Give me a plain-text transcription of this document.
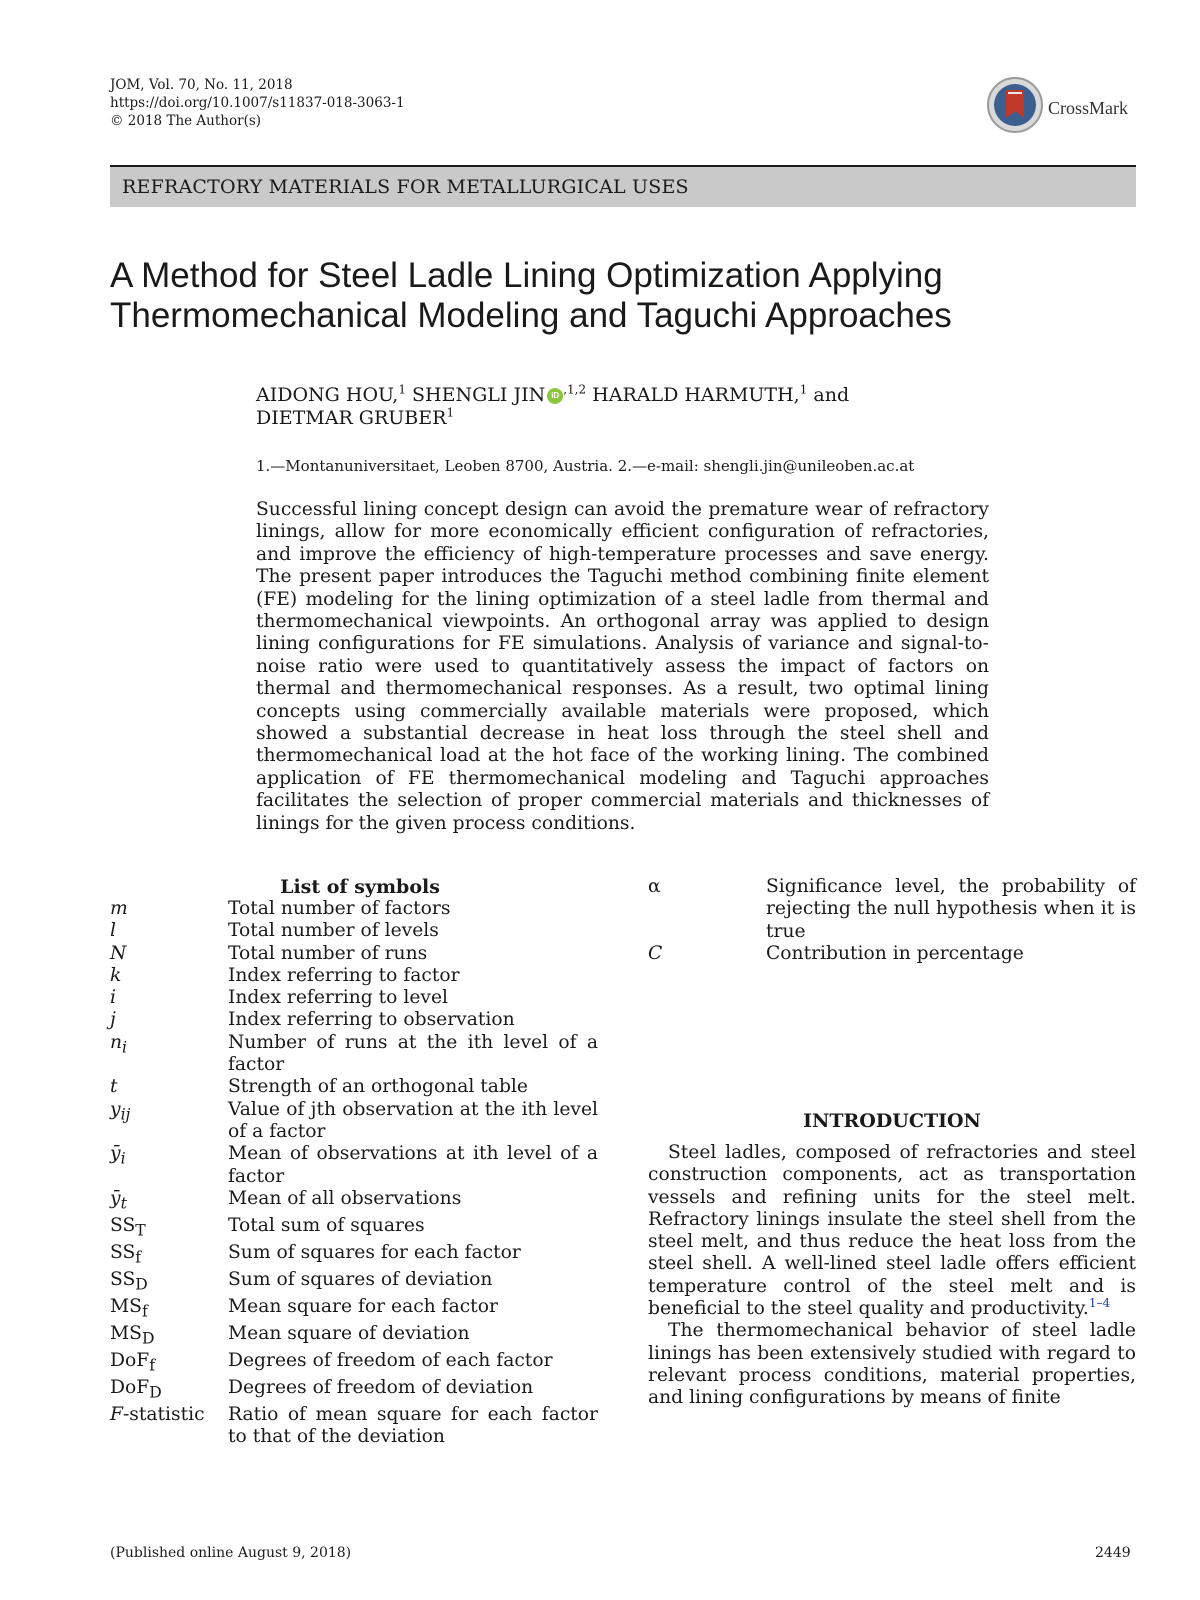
JOM, Vol. 70, No. 11, 2018
https://doi.org/10.1007/s11837-018-3063-1
© 2018 The Author(s)
CrossMark
REFRACTORY MATERIALS FOR METALLURGICAL USES
A Method for Steel Ladle Lining Optimization Applying
Thermomechanical Modeling and Taguchi Approaches
AIDONG HOU,$^1$ SHENGLI JIN iD $^{,1,2}$ HARALD HARMUTH,$^1$ and
DIETMAR GRUBER$^1$
1.—Montanuniversitaet, Leoben 8700, Austria. 2.—e-mail: shengli.jin@unileoben.ac.at
Successful lining concept design can avoid the premature wear of refractory linings, allow for more economically efficient configuration of refractories, and improve the efficiency of high-temperature processes and save energy. The present paper introduces the Taguchi method combining finite element (FE) modeling for the lining optimization of a steel ladle from thermal and thermomechanical viewpoints. An orthogonal array was applied to design lining configurations for FE simulations. Analysis of variance and signal-to-noise ratio were used to quantitatively assess the impact of factors on thermal and thermomechanical responses. As a result, two optimal lining concepts using commercially available materials were proposed, which showed a substantial decrease in heat loss through the steel shell and thermomechanical load at the hot face of the working lining. The combined application of FE thermomechanical modeling and Taguchi approaches facilitates the selection of proper commercial materials and thicknesses of linings for the given process conditions.
List of symbols
m	Total number of factors
l	Total number of levels
N	Total number of runs
k	Index referring to factor
i	Index referring to level
j	Index referring to observation
$n_i$	Number of runs at the ith level of a factor
t	Strength of an orthogonal table
$y_{ij}$	Value of jth observation at the ith level of a factor
$ȳ_i$	Mean of observations at ith level of a factor
$ȳ_t$	Mean of all observations
$SS_T$	Total sum of squares
$SS_f$	Sum of squares for each factor
$SS_D$	Sum of squares of deviation
$MS_f$	Mean square for each factor
$MS_D$	Mean square of deviation
DoF$_f$	Degrees of freedom of each factor
DoF$_D$	Degrees of freedom of deviation
F-statistic	Ratio of mean square for each factor to that of the deviation
α	Significance level, the probability of rejecting the null hypothesis when it is true
C	Contribution in percentage
INTRODUCTION

Steel ladles, composed of refractories and steel construction components, act as transportation vessels and refining units for the steel melt. Refractory linings insulate the steel shell from the steel melt, and thus reduce the heat loss from the steel shell. A well-lined steel ladle offers efficient temperature control of the steel melt and is beneficial to the steel quality and productivity.$^{1-4}$

The thermomechanical behavior of steel ladle linings has been extensively studied with regard to relevant process conditions, material properties, and lining configurations by means of finite

(Published online August 9, 2018)	2449
